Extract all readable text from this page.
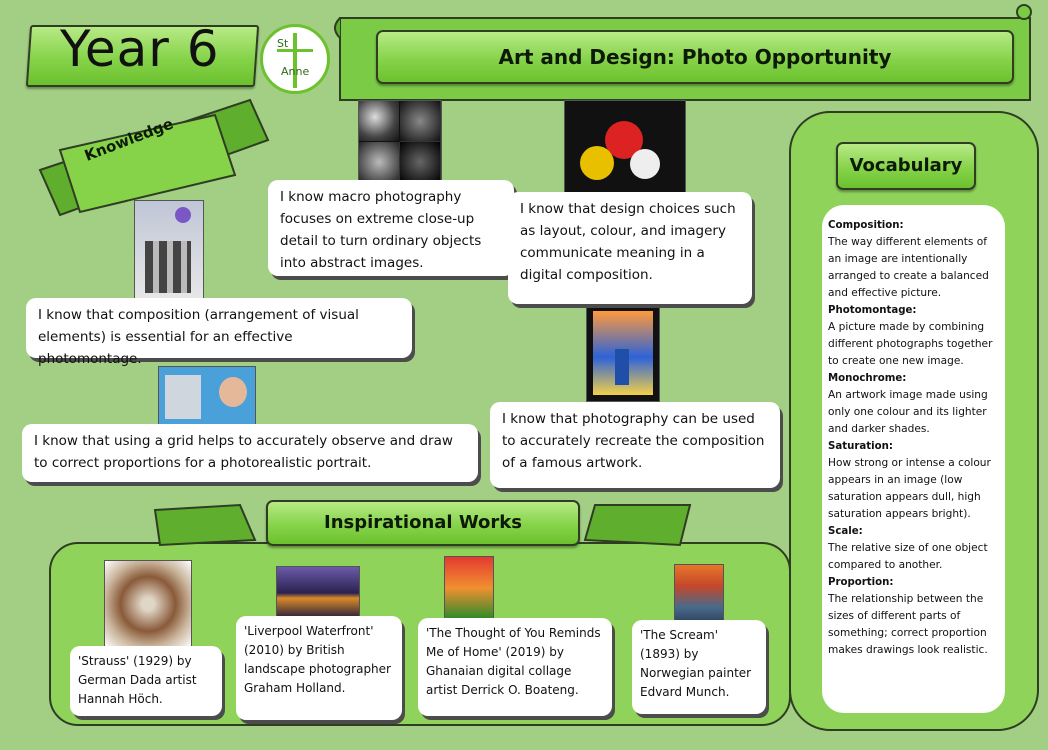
Year 6	St
Anne
Art and Design: Photo Opportunity
Knowledge
I know macro photography focuses on extreme close-up detail to turn ordinary objects into abstract images.
I know that design choices such as layout, colour, and imagery communicate meaning in a digital composition.
I know that composition (arrangement of visual elements) is essential for an effective photomontage.
I know that using a grid helps to accurately observe and draw to correct proportions for a photorealistic portrait.
I know that photography can be used to accurately recreate the composition of a famous artwork.
Vocabulary

Composition:

The way different elements of an image are intentionally arranged to create a balanced and effective picture.

Photomontage:

A picture made by combining different photographs together to create one new image.

Monochrome:

An artwork image made using only one colour and its lighter and darker shades.

Saturation:

How strong or intense a colour appears in an image (low saturation appears dull, high saturation appears bright).

Scale:

The relative size of one object compared to another.

Proportion:

The relationship between the sizes of different parts of something; correct proportion makes drawings look realistic.

Inspirational Works
'Strauss' (1929) by German Dada artist Hannah Höch.
'Liverpool Waterfront' (2010) by British landscape photographer Graham Holland.
'The Thought of You Reminds Me of Home' (2019) by Ghanaian digital collage artist Derrick O. Boateng.
'The Scream' (1893) by Norwegian painter Edvard Munch.
